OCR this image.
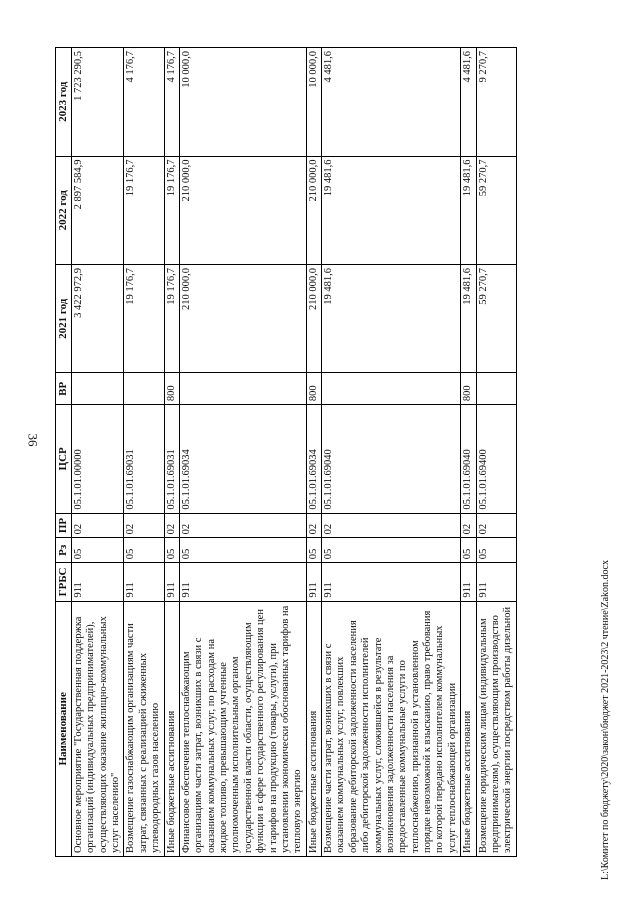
36
Наименование	ГРБС	Рз	ПР	ЦСР	ВР	2021 год	2022 год	2023 год
Основное мероприятие "Государственная поддержка организаций (индивидуальных предпринимателей), осуществляющих оказание жилищно-коммунальных услуг населению"	911	05	02	05.1.01.00000		3 422 972,9	2 897 584,9	1 723 290,5
Возмещение газоснабжающим организациям части затрат, связанных с реализацией сжиженных углеводородных газов населению	911	05	02	05.1.01.69031		19 176,7	19 176,7	4 176,7
Иные бюджетные ассигнования	911	05	02	05.1.01.69031	800	19 176,7	19 176,7	4 176,7
Финансовое обеспечение теплоснабжающим организациям части затрат, возникших в связи с оказанием коммунальных услуг, по расходам на жидкое топливо, превышающим учтенные уполномоченным исполнительным органом государственной власти области, осуществляющим функции в сфере государственного регулирования цен и тарифов на продукцию (товары, услуги), при установлении экономически обоснованных тарифов на тепловую энергию	911	05	02	05.1.01.69034		210 000,0	210 000,0	10 000,0
Иные бюджетные ассигнования	911	05	02	05.1.01.69034	800	210 000,0	210 000,0	10 000,0
Возмещение части затрат, возникших в связи с оказанием коммунальных услуг, повлекших образование дебиторской задолженности населения либо дебиторской задолженности исполнителей коммунальных услуг, сложившейся в результате возникновения задолженности населения за предоставленные коммунальные услуги по теплоснабжению, признанной в установленном порядке невозможной к взысканию, право требования по которой передано исполнителем коммунальных услуг теплоснабжающей организации	911	05	02	05.1.01.69040		19 481,6	19 481,6	4 481,6
Иные бюджетные ассигнования	911	05	02	05.1.01.69040	800	19 481,6	19 481,6	4 481,6
Возмещение юридическим лицам (индивидуальным предпринимателям), осуществляющим производство электрической энергии посредством работы дизельной	911	05	02	05.1.01.69400		59 270,7	59 270,7	9 270,7
L:\Комитет по бюджету\2020\закон\бюджет 2021-2023\2 чтение\Zakon.docx
